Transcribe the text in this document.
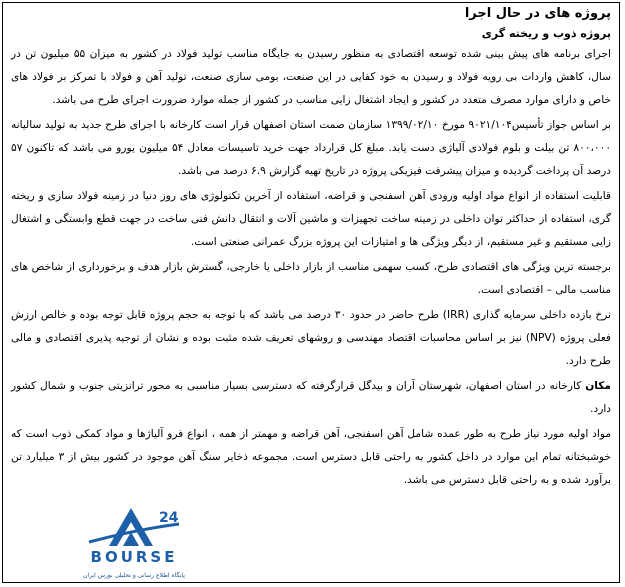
پروژه های در حال اجرا
پروژه ذوب و ریخته گری

اجرای برنامه های پیش بینی شده توسعه اقتصادی به منظور رسیدن به جایگاه مناسب تولید فولاد در کشور به میزان ۵۵ میلیون تن در سال، کاهش واردات بی رویه فولاد و رسیدن به خود کفایی در این صنعت، بومی سازی صنعت، تولید آهن و فولاد با تمرکز بر فولاد های خاص و دارای موارد مصرف متعدد در کشور و ایجاد اشتغال زایی مناسب در کشور از جمله موارد ضرورت اجرای طرح می باشد.

بر اساس جواز تأسیس۹۰۲۱/۱۰۴ مورخ ۱۳۹۹/۰۲/۱۰ سازمان صمت استان اصفهان قرار است کارخانه با اجرای طرح جدید به تولید سالیانه ۸۰۰،۰۰۰ تن بیلت و بلوم فولادی آلیاژی دست یابد. مبلغ کل قرارداد جهت خرید تاسیسات معادل ۵۴ میلیون یورو می باشد که تاکنون ۵۷ درصد آن پرداخت گردیده و میزان پیشرفت فیزیکی پروژه در تاریخ تهیه گزارش ۶.۹ درصد می باشد.

قابلیت استفاده از انواع مواد اولیه ورودی آهن اسفنجی و قراضه، استفاده از آخرین تکنولوژی های روز دنیا در زمینه فولاد سازی و ریخته گری، استفاده از حداکثر توان داخلی در زمینه ساخت تجهیزات و ماشین آلات و انتقال دانش فنی ساخت در جهت قطع وابستگی و اشتغال زایی مستقیم و غیر مستقیم، از دیگر ویژگی ها و امتیازات این پروژه بزرگ عمرانی صنعتی است.

برجسته ترین ویژگی های اقتصادی طرح، کسب سهمی مناسب از بازار داخلی یا خارجی، گسترش بازار هدف و برخورداری از شاخص های مناسب مالی – اقتصادی است.

نرخ بازده داخلی سرمایه گذاری (IRR) طرح حاضر در حدود ۳۰ درصد می باشد که با توجه به حجم پروژه قابل توجه بوده و خالص ارزش فعلی پروژه (NPV) نیز بر اساس محاسبات اقتصاد مهندسی و روشهای تعریف شده مثبت بوده و نشان از توجیه پذیری اقتصادی و مالی طرح دارد.

مکان کارخانه در استان اصفهان، شهرستان آران و بیدگل قرارگرفته که دسترسی بسیار مناسبی به محور ترانزیتی جنوب و شمال کشور دارد.

مواد اولیه مورد نیاز طرح به طور عمده شامل آهن اسفنجی، آهن قراضه و مهمتر از همه ، انواع فرو آلیاژها و مواد کمکی ذوب است که خوشبختانه تمام این موارد در داخل کشور به راحتی قابل دسترس است. مجموعه ذخایر سنگ آهن موجود در کشور بیش از ۳ میلیارد تن برآورد شده و به راحتی قابل دسترس می باشد.

24
BOURSE
پایگاه اطلاع رسانی و تحلیلی بورس ایران
